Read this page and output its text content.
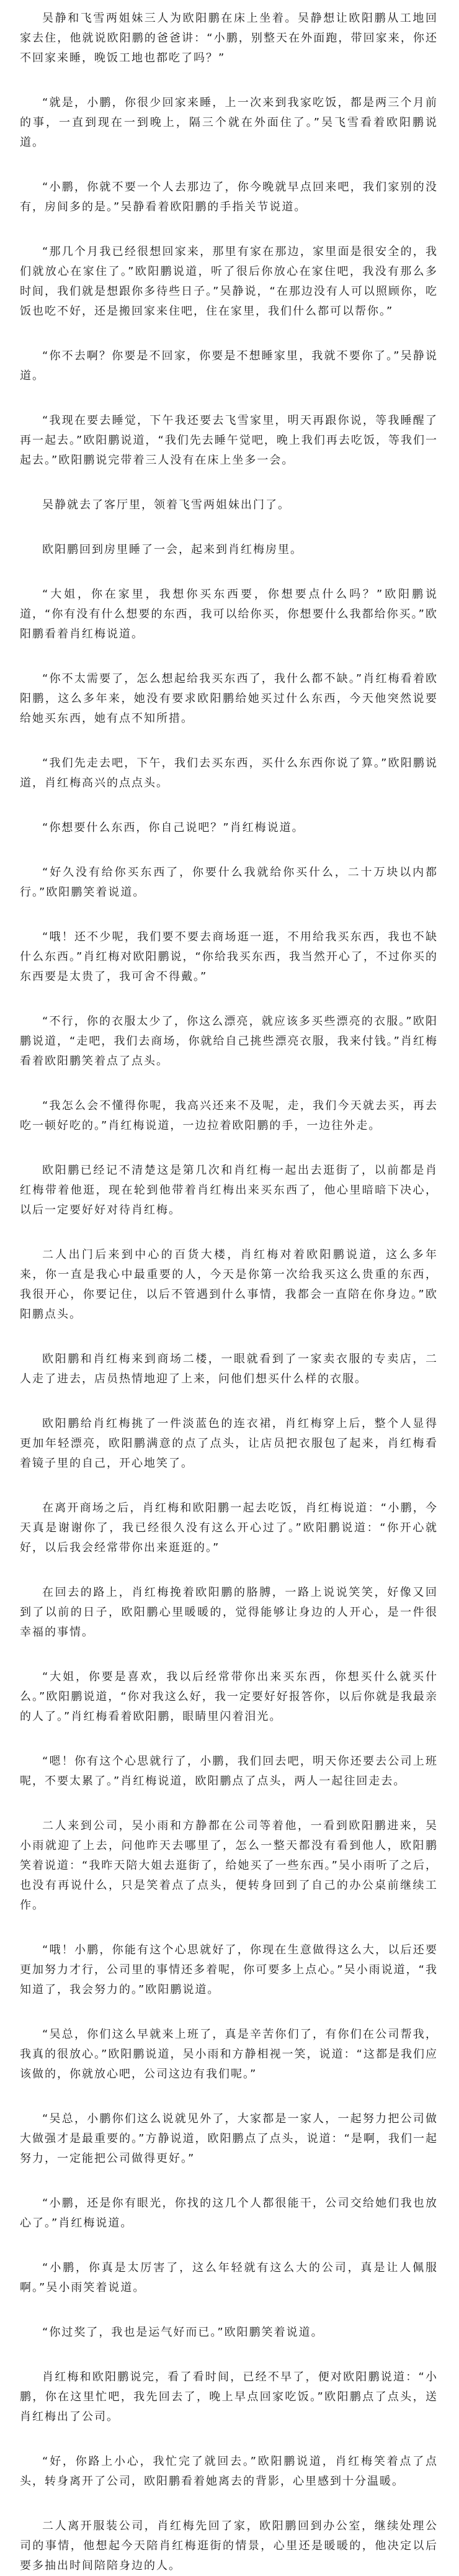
吴静和飞雪两姐妹三人为欧阳鹏在床上坐着。吴静想让欧阳鹏从工地回家去住，他就说欧阳鹏的爸爸讲：“小鹏，别整天在外面跑，带回家来，你还不回家来睡，晚饭工地也都吃了吗？”

“就是，小鹏，你很少回家来睡，上一次来到我家吃饭，都是两三个月前的事，一直到现在一到晚上，隔三个就在外面住了。”吴飞雪看着欧阳鹏说道。

“小鹏，你就不要一个人去那边了，你今晚就早点回来吧，我们家别的没有，房间多的是。”吴静看着欧阳鹏的手指关节说道。

“那几个月我已经很想回家来，那里有家在那边，家里面是很安全的，我们就放心在家住了。”欧阳鹏说道，听了很后你放心在家住吧，我没有那么多时间，我们就是想跟你多待些日子。”吴静说，“在那边没有人可以照顾你，吃饭也吃不好，还是搬回家来住吧，住在家里，我们什么都可以帮你。”

“你不去啊？你要是不回家，你要是不想睡家里，我就不要你了。”吴静说道。

“我现在要去睡觉，下午我还要去飞雪家里，明天再跟你说，等我睡醒了再一起去。”欧阳鹏说道，“我们先去睡午觉吧，晚上我们再去吃饭，等我们一起去。”欧阳鹏说完带着三人没有在床上坐多一会。

吴静就去了客厅里，领着飞雪两姐妹出门了。

欧阳鹏回到房里睡了一会，起来到肖红梅房里。

“大姐，你在家里，我想你买东西要，你想要点什么吗？”欧阳鹏说道，“你有没有什么想要的东西，我可以给你买，你想要什么我都给你买。”欧阳鹏看着肖红梅说道。

“你不太需要了，怎么想起给我买东西了，我什么都不缺。”肖红梅看着欧阳鹏，这么多年来，她没有要求欧阳鹏给她买过什么东西，今天他突然说要给她买东西，她有点不知所措。

“我们先走去吧，下午，我们去买东西，买什么东西你说了算。”欧阳鹏说道，肖红梅高兴的点点头。

“你想要什么东西，你自己说吧？”肖红梅说道。

“好久没有给你买东西了，你要什么我就给你买什么，二十万块以内都行。”欧阳鹏笑着说道。

“哦！还不少呢，我们要不要去商场逛一逛，不用给我买东西，我也不缺什么东西。”肖红梅对欧阳鹏说，“你给我买东西，我当然开心了，不过你买的东西要是太贵了，我可舍不得戴。”

“不行，你的衣服太少了，你这么漂亮，就应该多买些漂亮的衣服。”欧阳鹏说道，“走吧，我们去商场，你就给自己挑些漂亮衣服，我来付钱。”肖红梅看着欧阳鹏笑着点了点头。

“我怎么会不懂得你呢，我高兴还来不及呢，走，我们今天就去买，再去吃一顿好吃的。”肖红梅说道，一边拉着欧阳鹏的手，一边往外走。

欧阳鹏已经记不清楚这是第几次和肖红梅一起出去逛街了，以前都是肖红梅带着他逛，现在轮到他带着肖红梅出来买东西了，他心里暗暗下决心，以后一定要好好对待肖红梅。

二人出门后来到中心的百货大楼，肖红梅对着欧阳鹏说道，这么多年来，你一直是我心中最重要的人，今天是你第一次给我买这么贵重的东西，我很开心，你要记住，以后不管遇到什么事情，我都会一直陪在你身边。”欧阳鹏点头。

欧阳鹏和肖红梅来到商场二楼，一眼就看到了一家卖衣服的专卖店，二人走了进去，店员热情地迎了上来，问他们想买什么样的衣服。

欧阳鹏给肖红梅挑了一件淡蓝色的连衣裙，肖红梅穿上后，整个人显得更加年轻漂亮，欧阳鹏满意的点了点头，让店员把衣服包了起来，肖红梅看着镜子里的自己，开心地笑了。

在离开商场之后，肖红梅和欧阳鹏一起去吃饭，肖红梅说道：“小鹏，今天真是谢谢你了，我已经很久没有这么开心过了。”欧阳鹏说道：“你开心就好，以后我会经常带你出来逛逛的。”

在回去的路上，肖红梅挽着欧阳鹏的胳膊，一路上说说笑笑，好像又回到了以前的日子，欧阳鹏心里暖暖的，觉得能够让身边的人开心，是一件很幸福的事情。

“大姐，你要是喜欢，我以后经常带你出来买东西，你想买什么就买什么。”欧阳鹏说道，“你对我这么好，我一定要好好报答你，以后你就是我最亲的人了。”肖红梅看着欧阳鹏，眼睛里闪着泪光。

“嗯！你有这个心思就行了，小鹏，我们回去吧，明天你还要去公司上班呢，不要太累了。”肖红梅说道，欧阳鹏点了点头，两人一起往回走去。

二人来到公司，吴小雨和方静都在公司等着他，一看到欧阳鹏进来，吴小雨就迎了上去，问他昨天去哪里了，怎么一整天都没有看到他人，欧阳鹏笑着说道：“我昨天陪大姐去逛街了，给她买了一些东西。”吴小雨听了之后，也没有再说什么，只是笑着点了点头，便转身回到了自己的办公桌前继续工作。

“哦！小鹏，你能有这个心思就好了，你现在生意做得这么大，以后还要更加努力才行，公司里的事情还多着呢，你可要多上点心。”吴小雨说道，“我知道了，我会努力的。”欧阳鹏说道。

“吴总，你们这么早就来上班了，真是辛苦你们了，有你们在公司帮我，我真的很放心。”欧阳鹏说道，吴小雨和方静相视一笑，说道：“这都是我们应该做的，你就放心吧，公司这边有我们呢。”

“吴总，小鹏你们这么说就见外了，大家都是一家人，一起努力把公司做大做强才是最重要的。”方静说道，欧阳鹏点了点头，说道：“是啊，我们一起努力，一定能把公司做得更好。”

“小鹏，还是你有眼光，你找的这几个人都很能干，公司交给她们我也放心了。”肖红梅说道。

“小鹏，你真是太厉害了，这么年轻就有这么大的公司，真是让人佩服啊。”吴小雨笑着说道。

“你过奖了，我也是运气好而已。”欧阳鹏笑着说道。

肖红梅和欧阳鹏说完，看了看时间，已经不早了，便对欧阳鹏说道：“小鹏，你在这里忙吧，我先回去了，晚上早点回家吃饭。”欧阳鹏点了点头，送肖红梅出了公司。

“好，你路上小心，我忙完了就回去。”欧阳鹏说道，肖红梅笑着点了点头，转身离开了公司，欧阳鹏看着她离去的背影，心里感到十分温暖。

二人离开服装公司，肖红梅先回了家，欧阳鹏回到办公室，继续处理公司的事情，他想起今天陪肖红梅逛街的情景，心里还是暖暖的，他决定以后要多抽出时间陪陪身边的人。
